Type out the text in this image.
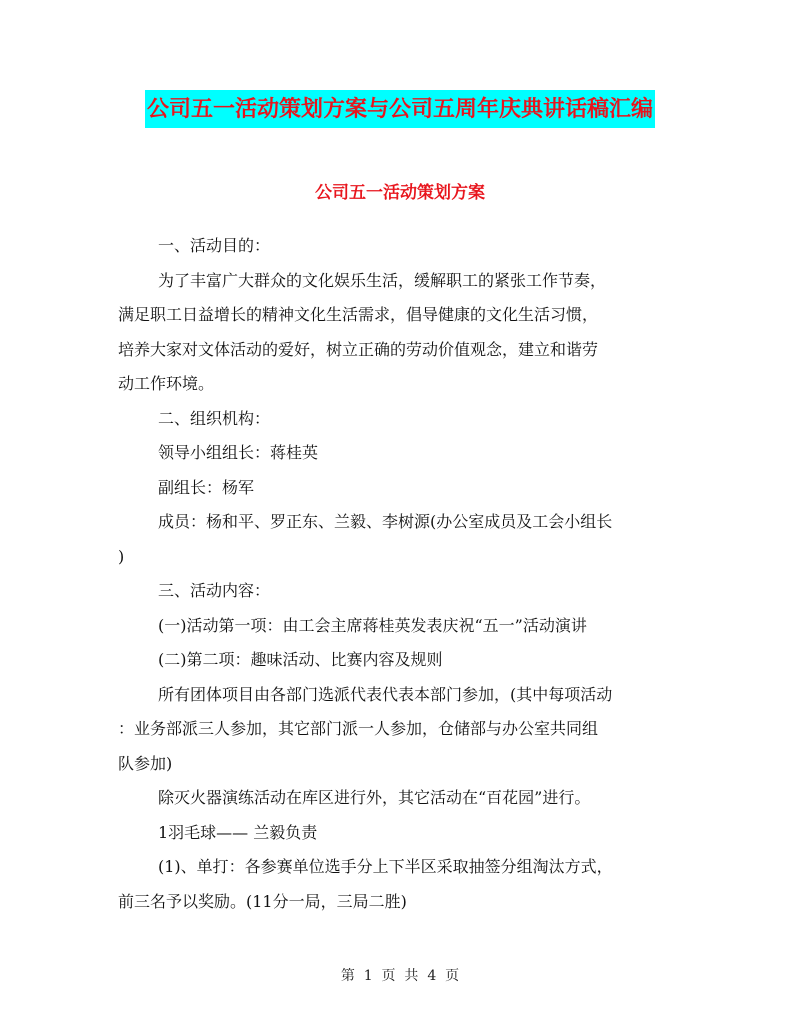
公司五一活动策划方案与公司五周年庆典讲话稿汇编
公司五一活动策划方案
一、活动目的：
为了丰富广大群众的文化娱乐生活，缓解职工的紧张工作节奏，
满足职工日益增长的精神文化生活需求，倡导健康的文化生活习惯，
培养大家对文体活动的爱好，树立正确的劳动价值观念，建立和谐劳
动工作环境。
二、组织机构：
领导小组组长：蒋桂英
副组长：杨军
成员：杨和平、罗正东、兰毅、李树源(办公室成员及工会小组长
)
三、活动内容：
(一)活动第一项：由工会主席蒋桂英发表庆祝“五一”活动演讲
(二)第二项：趣味活动、比赛内容及规则
所有团体项目由各部门选派代表代表本部门参加，(其中每项活动
：业务部派三人参加，其它部门派一人参加，仓储部与办公室共同组
队参加)
除灭火器演练活动在库区进行外，其它活动在“百花园”进行。
1羽毛球—— 兰毅负责
(1)、单打：各参赛单位选手分上下半区采取抽签分组淘汰方式，
前三名予以奖励。(11分一局，三局二胜)
第  1  页  共  4  页
